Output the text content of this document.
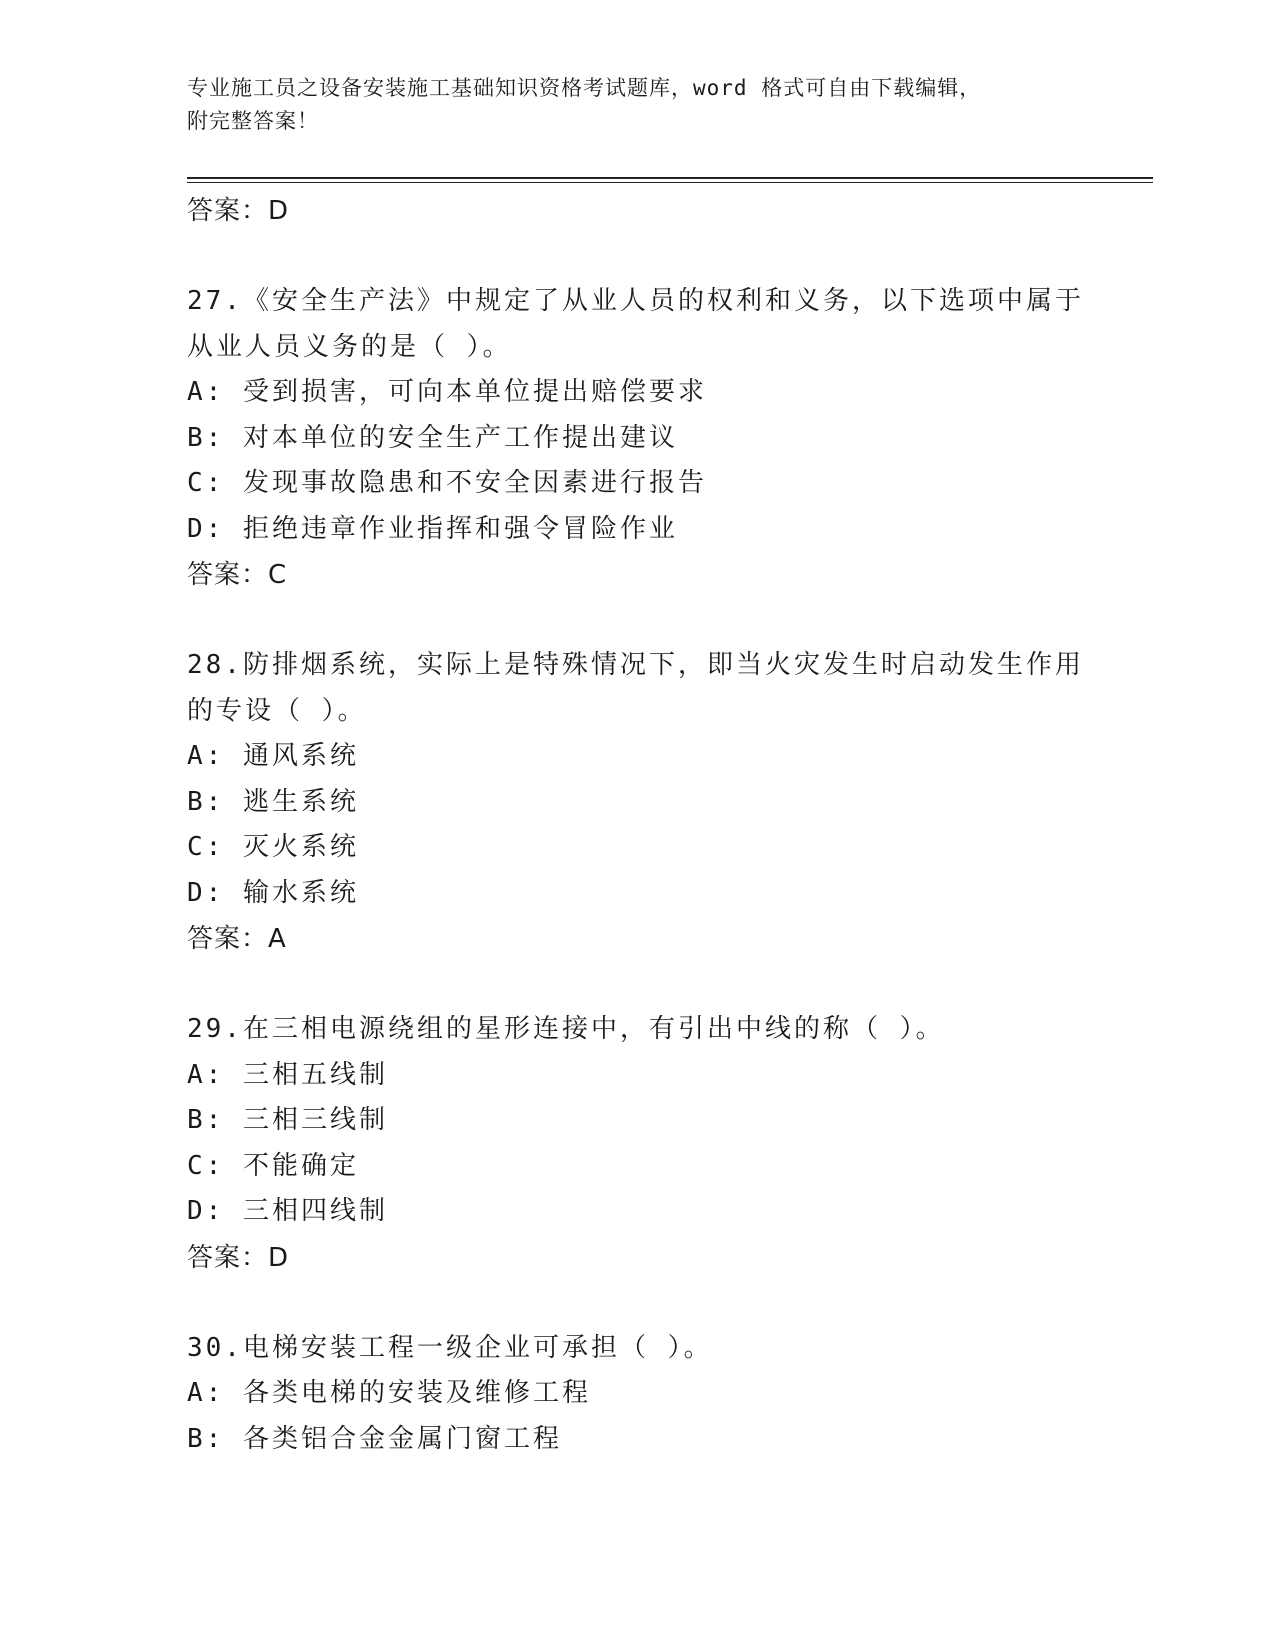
专业施工员之设备安装施工基础知识资格考试题库，word 格式可自由下载编辑，
附完整答案！
答案：D
27.《安全生产法》中规定了从业人员的权利和义务，以下选项中属于
从业人员义务的是（ ）。
A: 受到损害，可向本单位提出赔偿要求
B: 对本单位的安全生产工作提出建议
C: 发现事故隐患和不安全因素进行报告
D: 拒绝违章作业指挥和强令冒险作业
答案：C
28.防排烟系统，实际上是特殊情况下，即当火灾发生时启动发生作用
的专设（ ）。
A: 通风系统
B: 逃生系统
C: 灭火系统
D: 输水系统
答案：A
29.在三相电源绕组的星形连接中，有引出中线的称（ ）。
A: 三相五线制
B: 三相三线制
C: 不能确定
D: 三相四线制
答案：D
30.电梯安装工程一级企业可承担（ ）。
A: 各类电梯的安装及维修工程
B: 各类铝合金金属门窗工程
